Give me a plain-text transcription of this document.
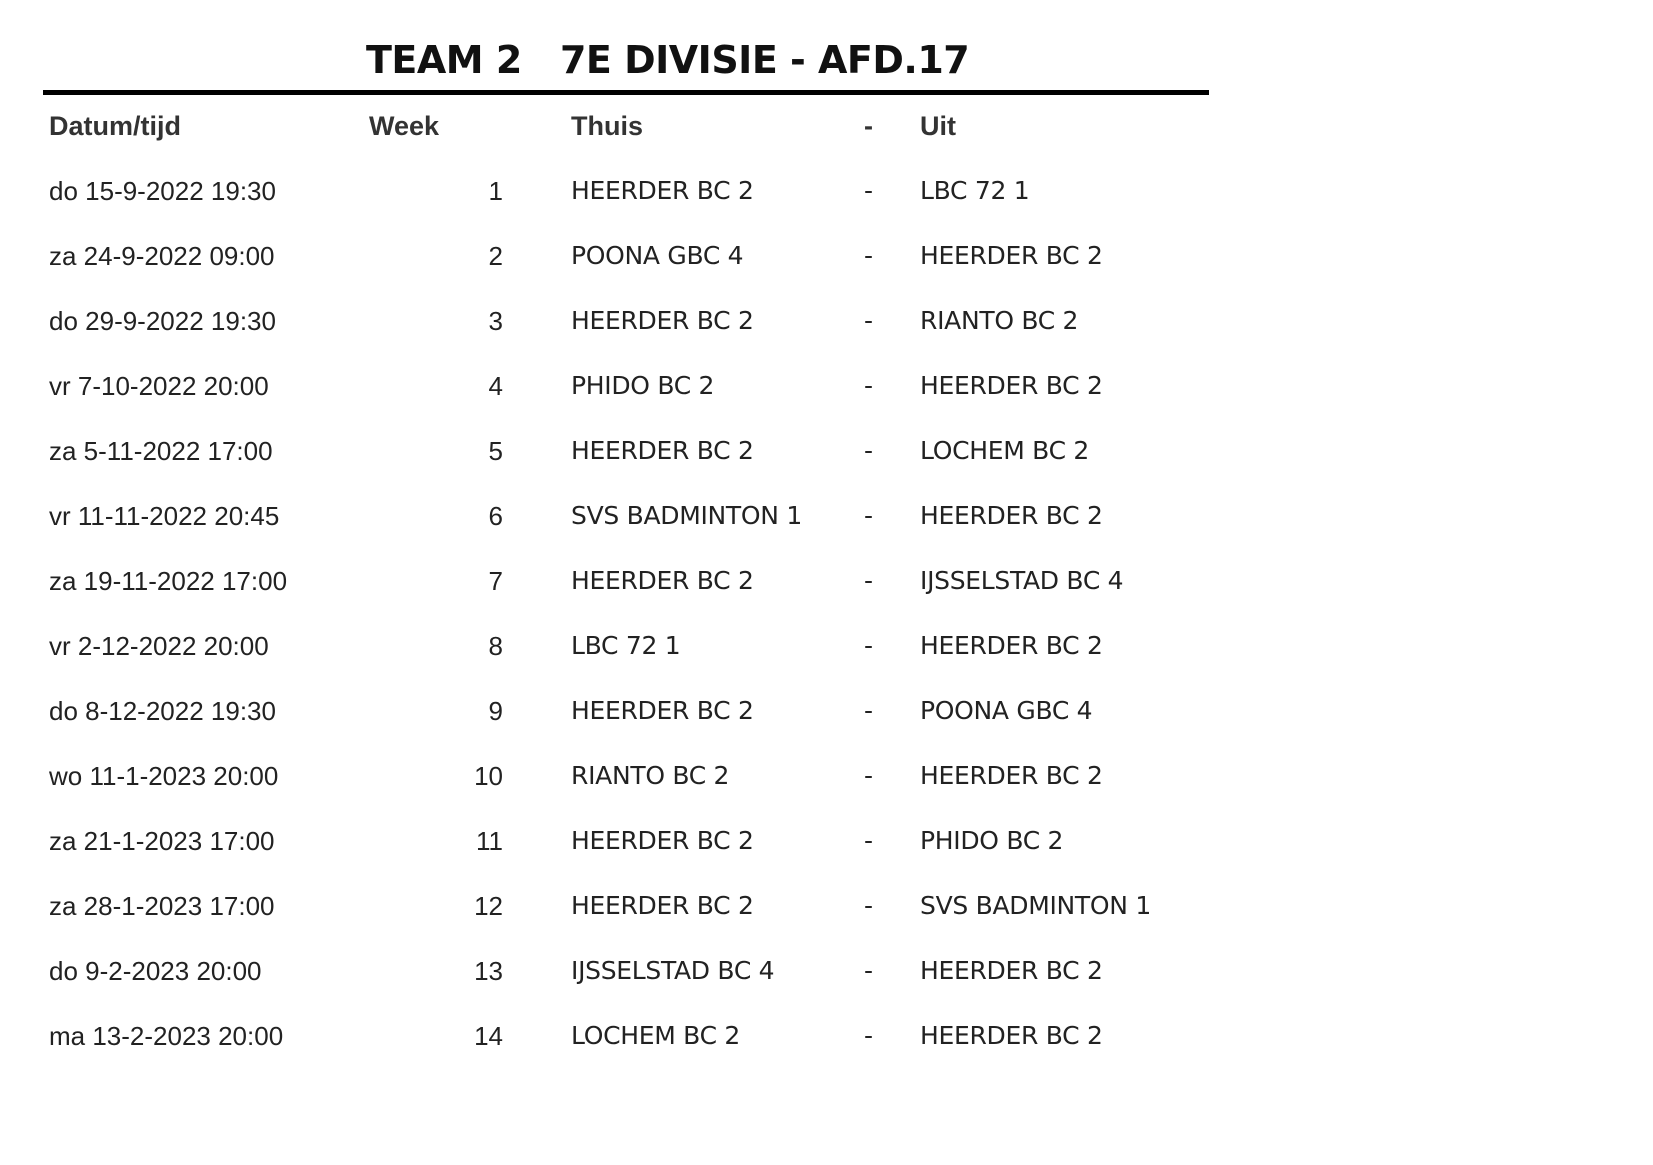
TEAM 2   7E DIVISIE - AFD.17
Datum/tijd	Week	Thuis	- Uit
do 15-9-2022 19:30	1	HEERDER BC 2	- LBC 72 1
za 24-9-2022 09:00	2	POONA GBC 4	- HEERDER BC 2
do 29-9-2022 19:30	3	HEERDER BC 2	- RIANTO BC 2
vr 7-10-2022 20:00	4	PHIDO BC 2	- HEERDER BC 2
za 5-11-2022 17:00	5	HEERDER BC 2	- LOCHEM BC 2
vr 11-11-2022 20:45	6	SVS BADMINTON 1 - HEERDER BC 2
za 19-11-2022 17:00	7	HEERDER BC 2	- IJSSELSTAD BC 4
vr 2-12-2022 20:00	8	LBC 72 1	- HEERDER BC 2
do 8-12-2022 19:30	9	HEERDER BC 2	- POONA GBC 4
wo 11-1-2023 20:00	10	RIANTO BC 2	- HEERDER BC 2
za 21-1-2023 17:00	11	HEERDER BC 2	- PHIDO BC 2
za 28-1-2023 17:00	12	HEERDER BC 2	- SVS BADMINTON 1
do 9-2-2023 20:00	13	IJSSELSTAD BC 4	- HEERDER BC 2
ma 13-2-2023 20:00	14	LOCHEM BC 2	- HEERDER BC 2
